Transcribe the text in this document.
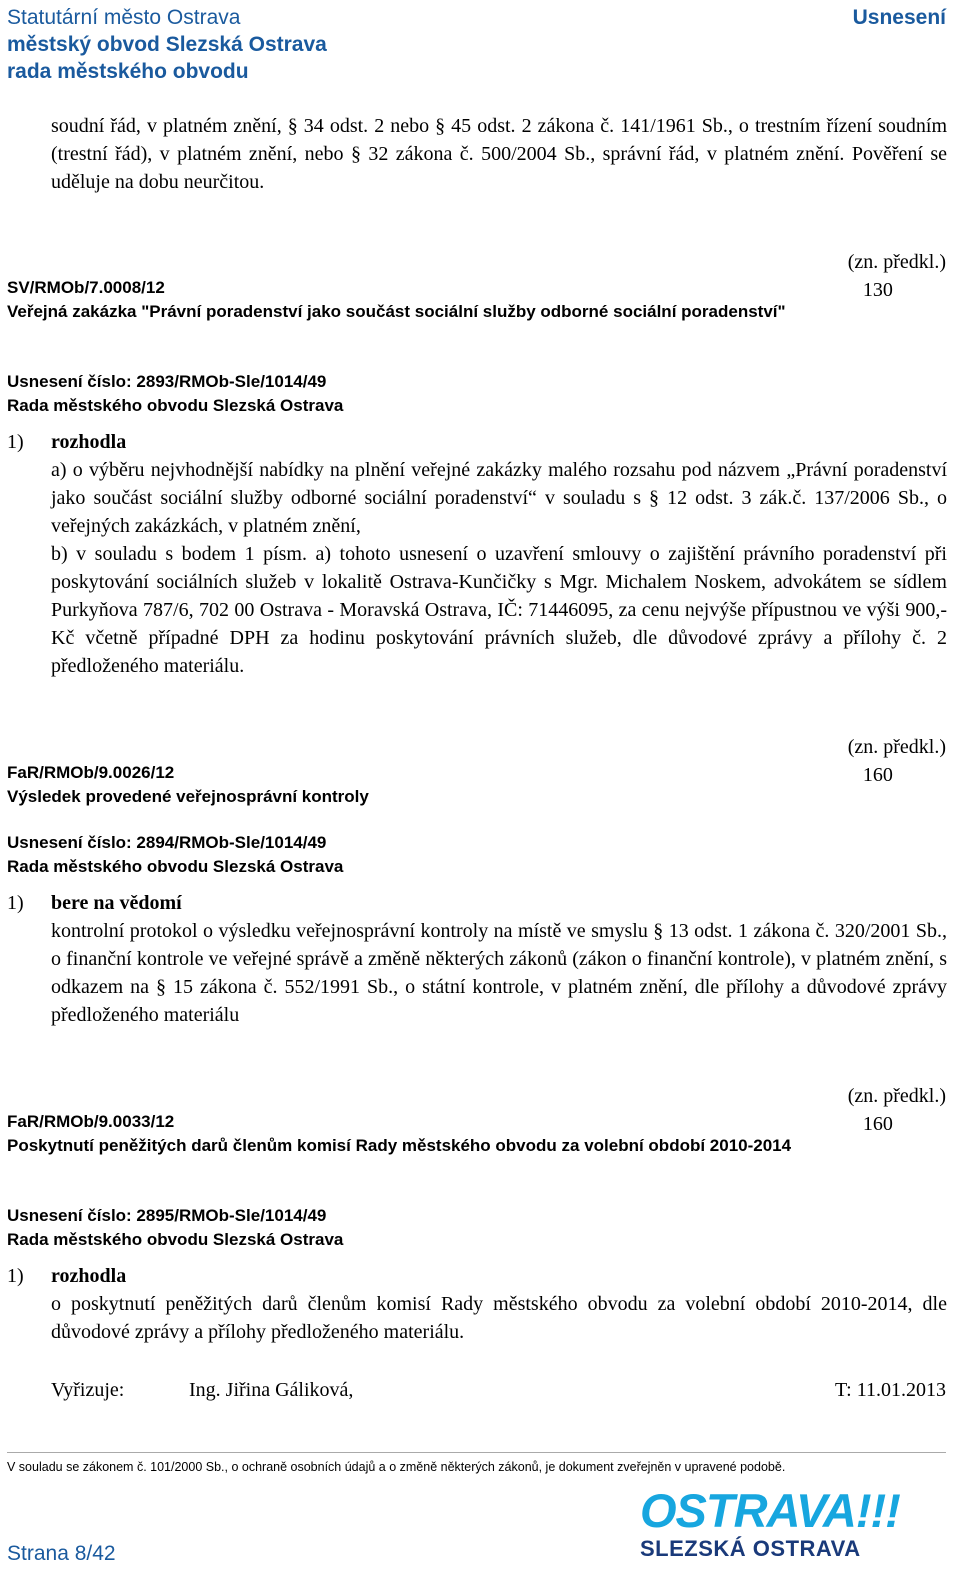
Statutární město Ostrava
městský obvod Slezská Ostrava
rada městského obvodu
Usnesení
soudní řád, v platném znění, § 34 odst. 2 nebo § 45 odst. 2 zákona č. 141/1961 Sb., o trestním řízení soudním (trestní řád), v platném znění, nebo § 32 zákona č. 500/2004 Sb., správní řád, v platném znění. Pověření se uděluje na dobu neurčitou.
(zn. předkl.)
130
SV/RMOb/7.0008/12
Veřejná zakázka "Právní poradenství jako součást sociální služby odborné sociální poradenství"
Usnesení číslo: 2893/RMOb-Sle/1014/49
Rada městského obvodu Slezská Ostrava
1) rozhodla
a) o výběru nejvhodnější nabídky na plnění veřejné zakázky malého rozsahu pod názvem „Právní poradenství jako součást sociální služby odborné sociální poradenství“ v souladu s § 12 odst. 3 zák.č. 137/2006 Sb., o veřejných zakázkách, v platném znění,
b) v souladu s bodem 1 písm. a) tohoto usnesení o uzavření smlouvy o zajištění právního poradenství při poskytování sociálních služeb v lokalitě Ostrava-Kunčičky s Mgr. Michalem Noskem, advokátem se sídlem Purkyňova 787/6, 702 00 Ostrava - Moravská Ostrava, IČ: 71446095, za cenu nejvýše přípustnou ve výši 900,- Kč včetně případné DPH za hodinu poskytování právních služeb, dle důvodové zprávy a přílohy č. 2 předloženého materiálu.
(zn. předkl.)
160
FaR/RMOb/9.0026/12
Výsledek provedené veřejnosprávní kontroly
Usnesení číslo: 2894/RMOb-Sle/1014/49
Rada městského obvodu Slezská Ostrava
1) bere na vědomí
kontrolní protokol o výsledku veřejnosprávní kontroly na místě ve smyslu § 13 odst. 1 zákona č. 320/2001 Sb., o finanční kontrole ve veřejné správě a změně některých zákonů (zákon o finanční kontrole), v platném znění, s odkazem na § 15 zákona č. 552/1991 Sb., o státní kontrole, v platném znění, dle přílohy a důvodové zprávy předloženého materiálu
(zn. předkl.)
160
FaR/RMOb/9.0033/12
Poskytnutí peněžitých darů členům komisí Rady městského obvodu za volební období 2010-2014
Usnesení číslo: 2895/RMOb-Sle/1014/49
Rada městského obvodu Slezská Ostrava
1) rozhodla
o poskytnutí peněžitých darů členům komisí Rady městského obvodu za volební období 2010-2014, dle důvodové zprávy a přílohy předloženého materiálu.
Vyřizuje:	Ing. Jiřina Gáliková,	T: 11.01.2013
V souladu se zákonem č. 101/2000 Sb., o ochraně osobních údajů a o změně některých zákonů, je dokument zveřejněn v upravené podobě.
Strana 8/42
OSTRAVA!!!
SLEZSKÁ OSTRAVA
